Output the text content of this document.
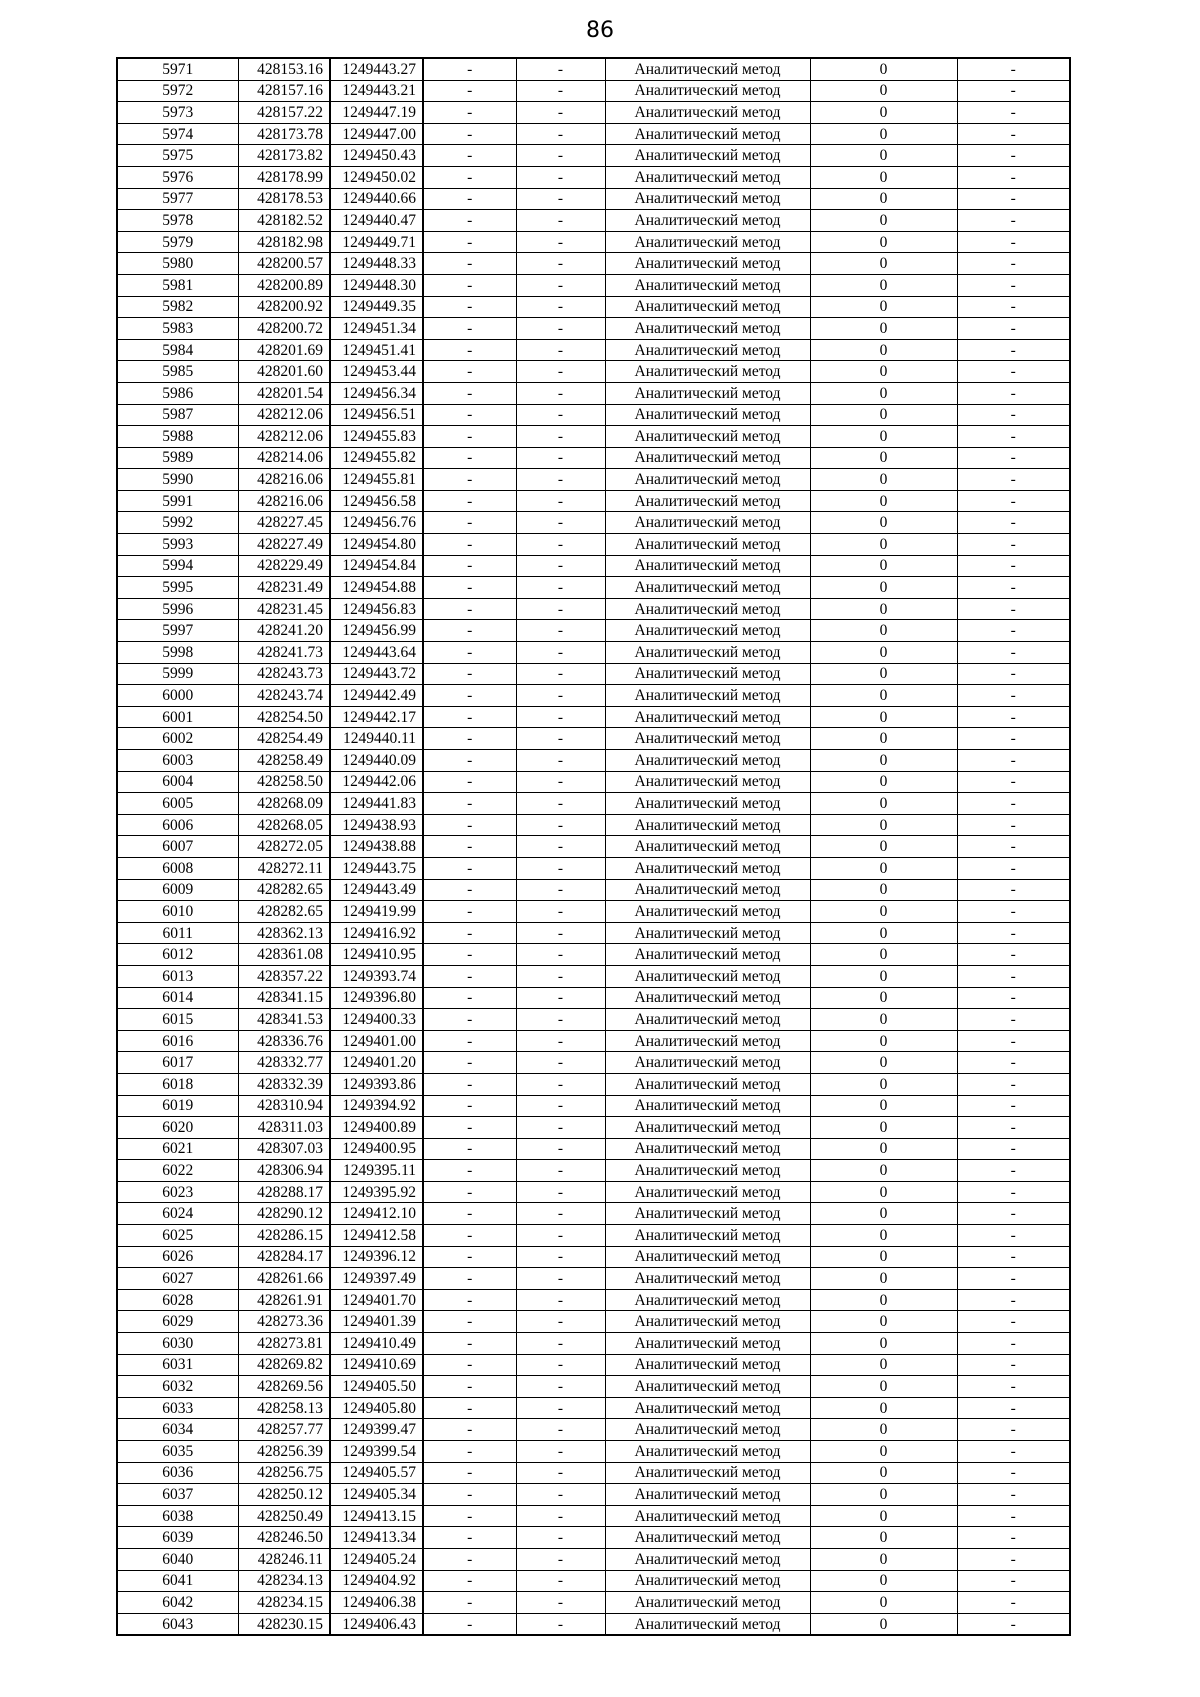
86
5971	428153.16	1249443.27	-	-	Аналитический метод	0	-
5972	428157.16	1249443.21	-	-	Аналитический метод	0	-
5973	428157.22	1249447.19	-	-	Аналитический метод	0	-
5974	428173.78	1249447.00	-	-	Аналитический метод	0	-
5975	428173.82	1249450.43	-	-	Аналитический метод	0	-
5976	428178.99	1249450.02	-	-	Аналитический метод	0	-
5977	428178.53	1249440.66	-	-	Аналитический метод	0	-
5978	428182.52	1249440.47	-	-	Аналитический метод	0	-
5979	428182.98	1249449.71	-	-	Аналитический метод	0	-
5980	428200.57	1249448.33	-	-	Аналитический метод	0	-
5981	428200.89	1249448.30	-	-	Аналитический метод	0	-
5982	428200.92	1249449.35	-	-	Аналитический метод	0	-
5983	428200.72	1249451.34	-	-	Аналитический метод	0	-
5984	428201.69	1249451.41	-	-	Аналитический метод	0	-
5985	428201.60	1249453.44	-	-	Аналитический метод	0	-
5986	428201.54	1249456.34	-	-	Аналитический метод	0	-
5987	428212.06	1249456.51	-	-	Аналитический метод	0	-
5988	428212.06	1249455.83	-	-	Аналитический метод	0	-
5989	428214.06	1249455.82	-	-	Аналитический метод	0	-
5990	428216.06	1249455.81	-	-	Аналитический метод	0	-
5991	428216.06	1249456.58	-	-	Аналитический метод	0	-
5992	428227.45	1249456.76	-	-	Аналитический метод	0	-
5993	428227.49	1249454.80	-	-	Аналитический метод	0	-
5994	428229.49	1249454.84	-	-	Аналитический метод	0	-
5995	428231.49	1249454.88	-	-	Аналитический метод	0	-
5996	428231.45	1249456.83	-	-	Аналитический метод	0	-
5997	428241.20	1249456.99	-	-	Аналитический метод	0	-
5998	428241.73	1249443.64	-	-	Аналитический метод	0	-
5999	428243.73	1249443.72	-	-	Аналитический метод	0	-
6000	428243.74	1249442.49	-	-	Аналитический метод	0	-
6001	428254.50	1249442.17	-	-	Аналитический метод	0	-
6002	428254.49	1249440.11	-	-	Аналитический метод	0	-
6003	428258.49	1249440.09	-	-	Аналитический метод	0	-
6004	428258.50	1249442.06	-	-	Аналитический метод	0	-
6005	428268.09	1249441.83	-	-	Аналитический метод	0	-
6006	428268.05	1249438.93	-	-	Аналитический метод	0	-
6007	428272.05	1249438.88	-	-	Аналитический метод	0	-
6008	428272.11	1249443.75	-	-	Аналитический метод	0	-
6009	428282.65	1249443.49	-	-	Аналитический метод	0	-
6010	428282.65	1249419.99	-	-	Аналитический метод	0	-
6011	428362.13	1249416.92	-	-	Аналитический метод	0	-
6012	428361.08	1249410.95	-	-	Аналитический метод	0	-
6013	428357.22	1249393.74	-	-	Аналитический метод	0	-
6014	428341.15	1249396.80	-	-	Аналитический метод	0	-
6015	428341.53	1249400.33	-	-	Аналитический метод	0	-
6016	428336.76	1249401.00	-	-	Аналитический метод	0	-
6017	428332.77	1249401.20	-	-	Аналитический метод	0	-
6018	428332.39	1249393.86	-	-	Аналитический метод	0	-
6019	428310.94	1249394.92	-	-	Аналитический метод	0	-
6020	428311.03	1249400.89	-	-	Аналитический метод	0	-
6021	428307.03	1249400.95	-	-	Аналитический метод	0	-
6022	428306.94	1249395.11	-	-	Аналитический метод	0	-
6023	428288.17	1249395.92	-	-	Аналитический метод	0	-
6024	428290.12	1249412.10	-	-	Аналитический метод	0	-
6025	428286.15	1249412.58	-	-	Аналитический метод	0	-
6026	428284.17	1249396.12	-	-	Аналитический метод	0	-
6027	428261.66	1249397.49	-	-	Аналитический метод	0	-
6028	428261.91	1249401.70	-	-	Аналитический метод	0	-
6029	428273.36	1249401.39	-	-	Аналитический метод	0	-
6030	428273.81	1249410.49	-	-	Аналитический метод	0	-
6031	428269.82	1249410.69	-	-	Аналитический метод	0	-
6032	428269.56	1249405.50	-	-	Аналитический метод	0	-
6033	428258.13	1249405.80	-	-	Аналитический метод	0	-
6034	428257.77	1249399.47	-	-	Аналитический метод	0	-
6035	428256.39	1249399.54	-	-	Аналитический метод	0	-
6036	428256.75	1249405.57	-	-	Аналитический метод	0	-
6037	428250.12	1249405.34	-	-	Аналитический метод	0	-
6038	428250.49	1249413.15	-	-	Аналитический метод	0	-
6039	428246.50	1249413.34	-	-	Аналитический метод	0	-
6040	428246.11	1249405.24	-	-	Аналитический метод	0	-
6041	428234.13	1249404.92	-	-	Аналитический метод	0	-
6042	428234.15	1249406.38	-	-	Аналитический метод	0	-
6043	428230.15	1249406.43	-	-	Аналитический метод	0	-
